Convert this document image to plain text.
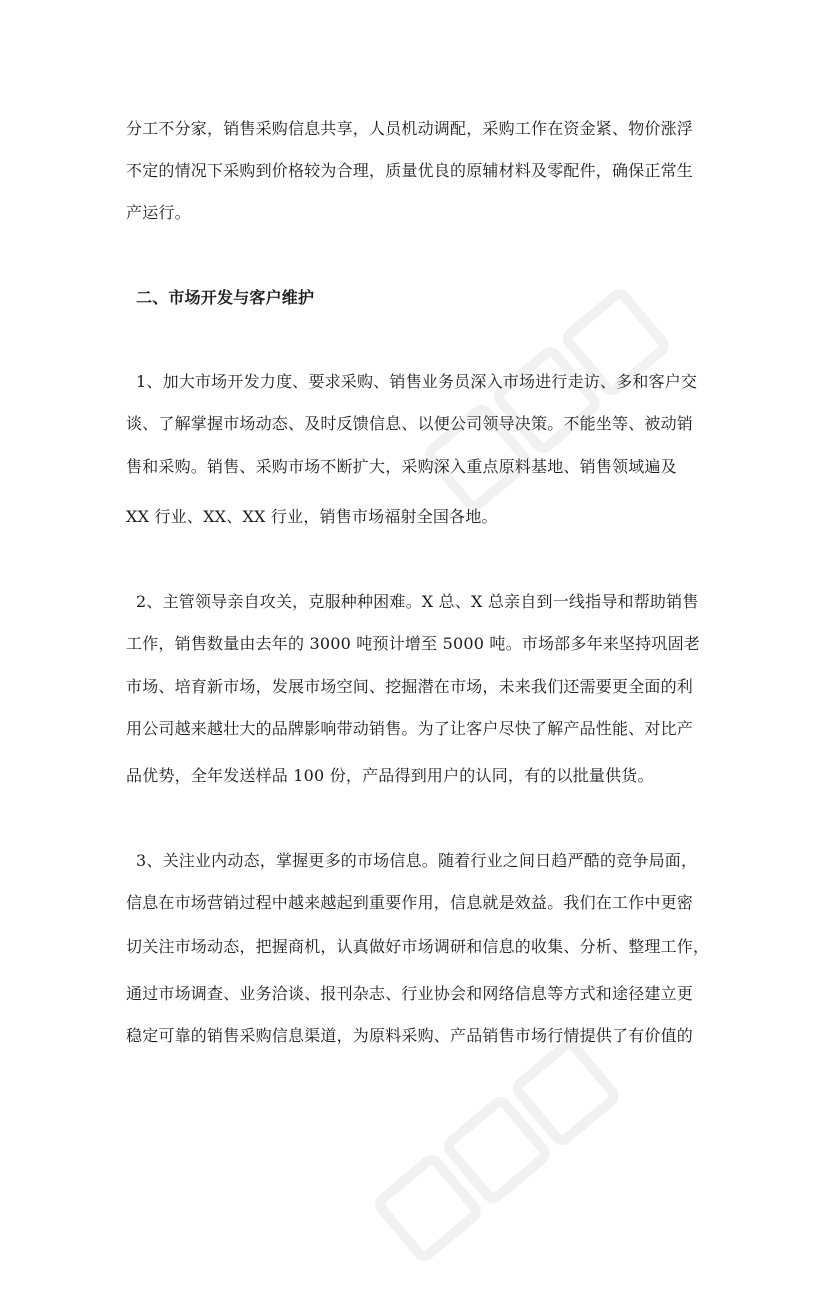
分工不分家，销售采购信息共享，人员机动调配，采购工作在资金紧、物价涨浮
不定的情况下采购到价格较为合理，质量优良的原辅材料及零配件，确保正常生
产运行。
二、市场开发与客户维护
1、加大市场开发力度、要求采购、销售业务员深入市场进行走访、多和客户交
谈、了解掌握市场动态、及时反馈信息、以便公司领导决策。不能坐等、被动销
售和采购。销售、采购市场不断扩大，采购深入重点原料基地、销售领域遍及
XX 行业、XX、XX 行业，销售市场福射全国各地。
2、主管领导亲自攻关，克服种种困难。X 总、X 总亲自到一线指导和帮助销售
工作，销售数量由去年的 3000 吨预计增至 5000 吨。市场部多年来坚持巩固老
市场、培育新市场，发展市场空间、挖掘潜在市场，未来我们还需要更全面的利
用公司越来越壮大的品牌影响带动销售。为了让客户尽快了解产品性能、对比产
品优势，全年发送样品 100 份，产品得到用户的认同，有的以批量供货。
3、关注业内动态，掌握更多的市场信息。随着行业之间日趋严酷的竞争局面，
信息在市场营销过程中越来越起到重要作用，信息就是效益。我们在工作中更密
切关注市场动态，把握商机，认真做好市场调研和信息的收集、分析、整理工作，
通过市场调查、业务洽谈、报刊杂志、行业协会和网络信息等方式和途径建立更
稳定可靠的销售采购信息渠道，为原料采购、产品销售市场行情提供了有价值的
